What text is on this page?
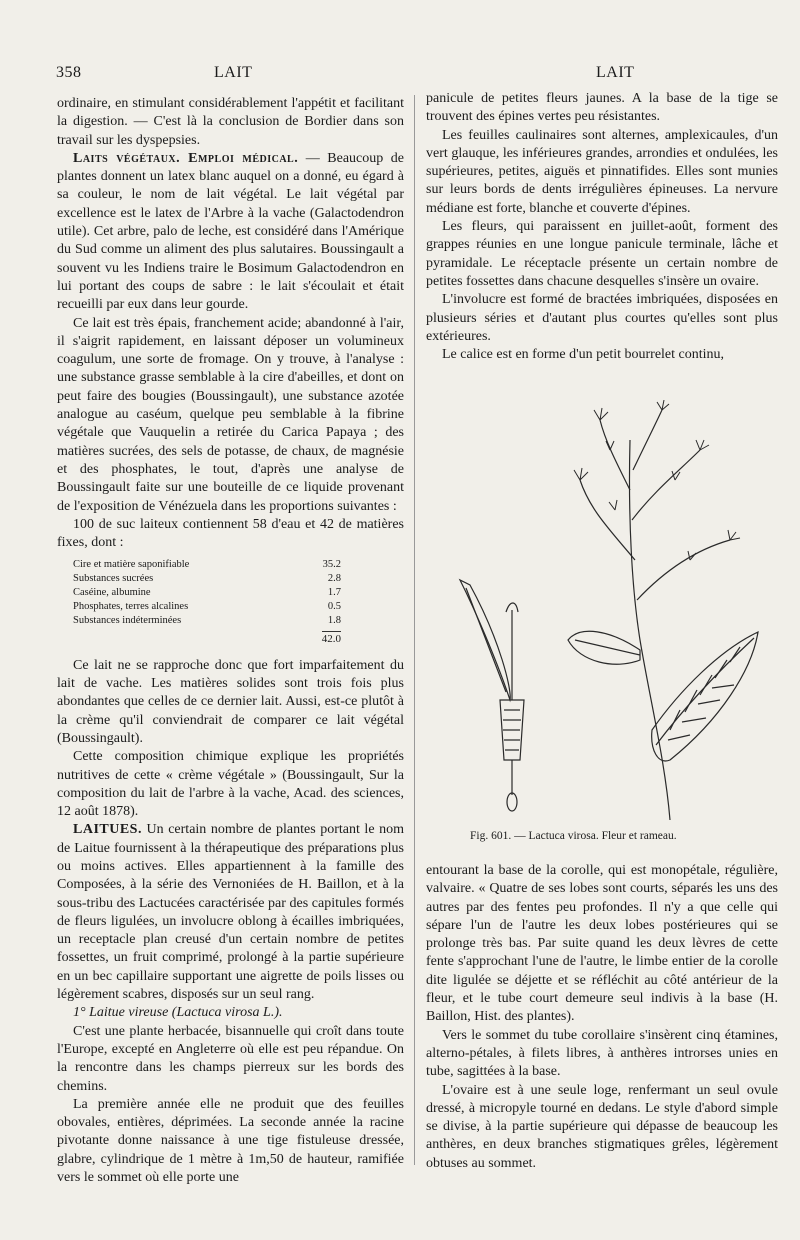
358	LAIT	LAIT

ordinaire, en stimulant considérablement l'appétit et facilitant la digestion. — C'est là la conclusion de Bordier dans son travail sur les dyspepsies.

Laits végétaux. Emploi médical. — Beaucoup de plantes donnent un latex blanc auquel on a donné, eu égard à sa couleur, le nom de lait végétal. Le lait végétal par excellence est le latex de l'Arbre à la vache (Galactodendron utile). Cet arbre, palo de leche, est considéré dans l'Amérique du Sud comme un aliment des plus salutaires. Boussingault a souvent vu les Indiens traire le Bosimum Galactodendron en lui portant des coups de sabre : le lait s'écoulait et était recueilli par eux dans leur gourde.

Ce lait est très épais, franchement acide; abandonné à l'air, il s'aigrit rapidement, en laissant déposer un volumineux coagulum, une sorte de fromage. On y trouve, à l'analyse : une substance grasse semblable à la cire d'abeilles, et dont on peut faire des bougies (Boussingault), une substance azotée analogue au caséum, quelque peu semblable à la fibrine végétale que Vauquelin a retirée du Carica Papaya ; des matières sucrées, des sels de potasse, de chaux, de magnésie et des phosphates, le tout, d'après une analyse de Boussingault faite sur une bouteille de ce liquide provenant de l'exposition de Vénézuela dans les proportions suivantes :

100 de suc laiteux contiennent 58 d'eau et 42 de matières fixes, dont :

Cire et matière saponifiable	35.2
Substances sucrées	2.8
Caséine, albumine	1.7
Phosphates, terres alcalines	0.5
Substances indéterminées	1.8
42.0

Ce lait ne se rapproche donc que fort imparfaitement du lait de vache. Les matières solides sont trois fois plus abondantes que celles de ce dernier lait. Aussi, est-ce plutôt à la crème qu'il conviendrait de comparer ce lait végétal (Boussingault).

Cette composition chimique explique les propriétés nutritives de cette « crème végétale » (Boussingault, Sur la composition du lait de l'arbre à la vache, Acad. des sciences, 12 août 1878).

LAITUES. Un certain nombre de plantes portant le nom de Laitue fournissent à la thérapeutique des préparations plus ou moins actives. Elles appartiennent à la famille des Composées, à la série des Vernoniées de H. Baillon, et à la sous-tribu des Lactucées caractérisée par des capitules formés de fleurs ligulées, un involucre oblong à écailles imbriquées, un receptacle plan creusé d'un certain nombre de petites fossettes, un fruit comprimé, prolongé à la partie supérieure en un bec capillaire supportant une aigrette de poils lisses ou légèrement scabres, disposés sur un seul rang.

1° Laitue vireuse (Lactuca virosa L.).

C'est une plante herbacée, bisannuelle qui croît dans toute l'Europe, excepté en Angleterre où elle est peu répandue. On la rencontre dans les champs pierreux sur les bords des chemins.

La première année elle ne produit que des feuilles obovales, entières, déprimées. La seconde année la racine pivotante donne naissance à une tige fistuleuse dressée, glabre, cylindrique de 1 mètre à 1m,50 de hauteur, ramifiée vers le sommet où elle porte une

panicule de petites fleurs jaunes. A la base de la tige se trouvent des épines vertes peu résistantes.

Les feuilles caulinaires sont alternes, amplexicaules, d'un vert glauque, les inférieures grandes, arrondies et ondulées, les supérieures, petites, aiguës et pinnatifides. Elles sont munies sur leurs bords de dents irrégulières épineuses. La nervure médiane est forte, blanche et couverte d'épines.

Les fleurs, qui paraissent en juillet-août, forment des grappes réunies en une longue panicule terminale, lâche et pyramidale. Le réceptacle présente un certain nombre de petites fossettes dans chacune desquelles s'insère un ovaire.

L'involucre est formé de bractées imbriquées, disposées en plusieurs séries et d'autant plus courtes qu'elles sont plus extérieures.

Le calice est en forme d'un petit bourrelet continu,

Fig. 601. — Lactuca virosa. Fleur et rameau.

entourant la base de la corolle, qui est monopétale, régulière, valvaire. « Quatre de ses lobes sont courts, séparés les uns des autres par des fentes peu profondes. Il n'y a que celle qui sépare l'un de l'autre les deux lobes postérieures qui se prolonge très bas. Par suite quand les deux lèvres de cette fente s'approchant l'une de l'autre, le limbe entier de la corolle dite ligulée se déjette et se réfléchit au côté antérieur de la fleur, et le tube court demeure seul indivis à la base (H. Baillon, Hist. des plantes).

Vers le sommet du tube corollaire s'insèrent cinq étamines, alterno-pétales, à filets libres, à anthères introrses unies en tube, sagittées à la base.

L'ovaire est à une seule loge, renfermant un seul ovule dressé, à micropyle tourné en dedans. Le style d'abord simple se divise, à la partie supérieure qui dépasse de beaucoup les anthères, en deux branches stigmatiques grêles, légèrement obtuses au sommet.
